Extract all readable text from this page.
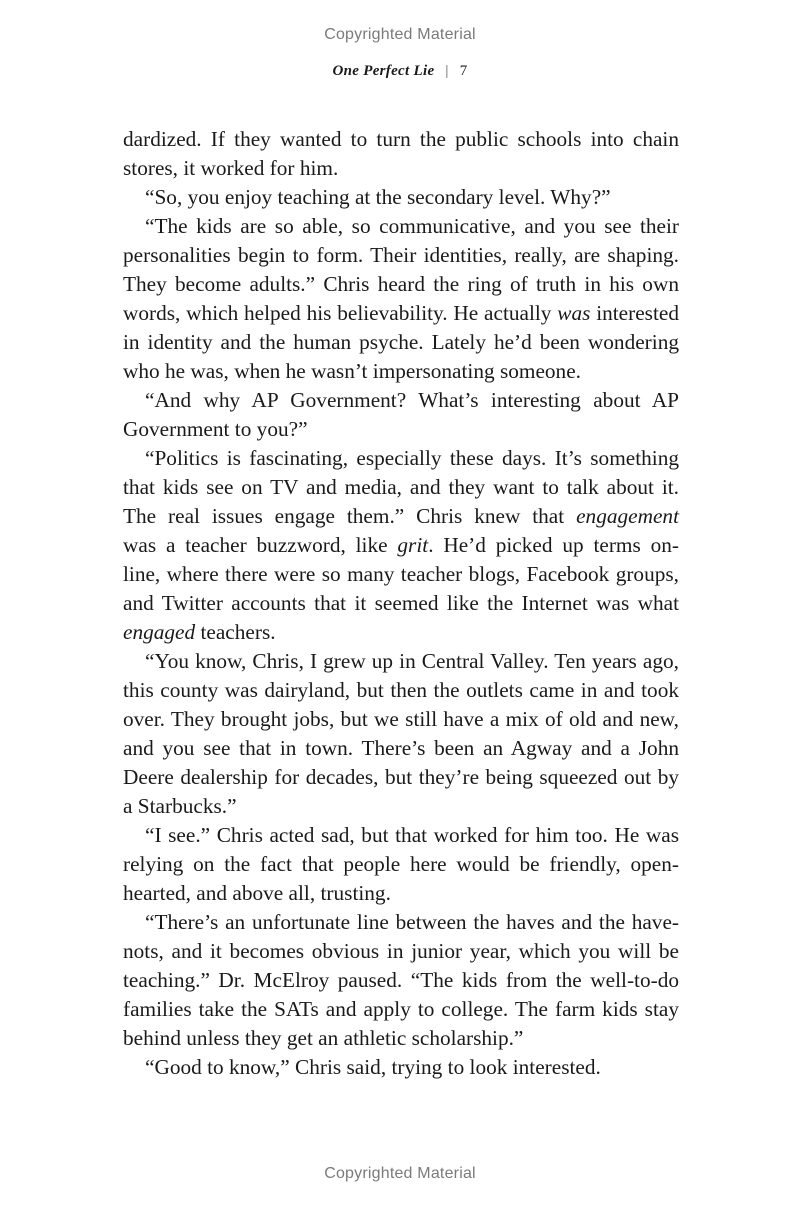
Copyrighted Material
One Perfect Lie | 7
dardized. If they wanted to turn the public schools into chain
stores, it worked for him.
“So, you enjoy teaching at the secondary level. Why?”
“The kids are so able, so communicative, and you see their
personalities begin to form. Their identities, really, are shaping.
They become adults.” Chris heard the ring of truth in his own
words, which helped his believability. He actually was interested
in identity and the human psyche. Lately he’d been wondering
who he was, when he wasn’t impersonating someone.
“And why AP Government? What’s interesting about AP
Government to you?”
“Politics is fascinating, especially these days. It’s something
that kids see on TV and media, and they want to talk about it.
The real issues engage them.” Chris knew that engagement
was a teacher buzzword, like grit. He’d picked up terms on-
line, where there were so many teacher blogs, Facebook groups,
and Twitter accounts that it seemed like the Internet was what
engaged teachers.
“You know, Chris, I grew up in Central Valley. Ten years ago,
this county was dairyland, but then the outlets came in and took
over. They brought jobs, but we still have a mix of old and new,
and you see that in town. There’s been an Agway and a John
Deere dealership for decades, but they’re being squeezed out by
a Starbucks.”
“I see.” Chris acted sad, but that worked for him too. He was
relying on the fact that people here would be friendly, open-
hearted, and above all, trusting.
“There’s an unfortunate line between the haves and the have-
nots, and it becomes obvious in junior year, which you will be
teaching.” Dr. McElroy paused. “The kids from the well-to-do
families take the SATs and apply to college. The farm kids stay
behind unless they get an athletic scholarship.”
“Good to know,” Chris said, trying to look interested.
Copyrighted Material
